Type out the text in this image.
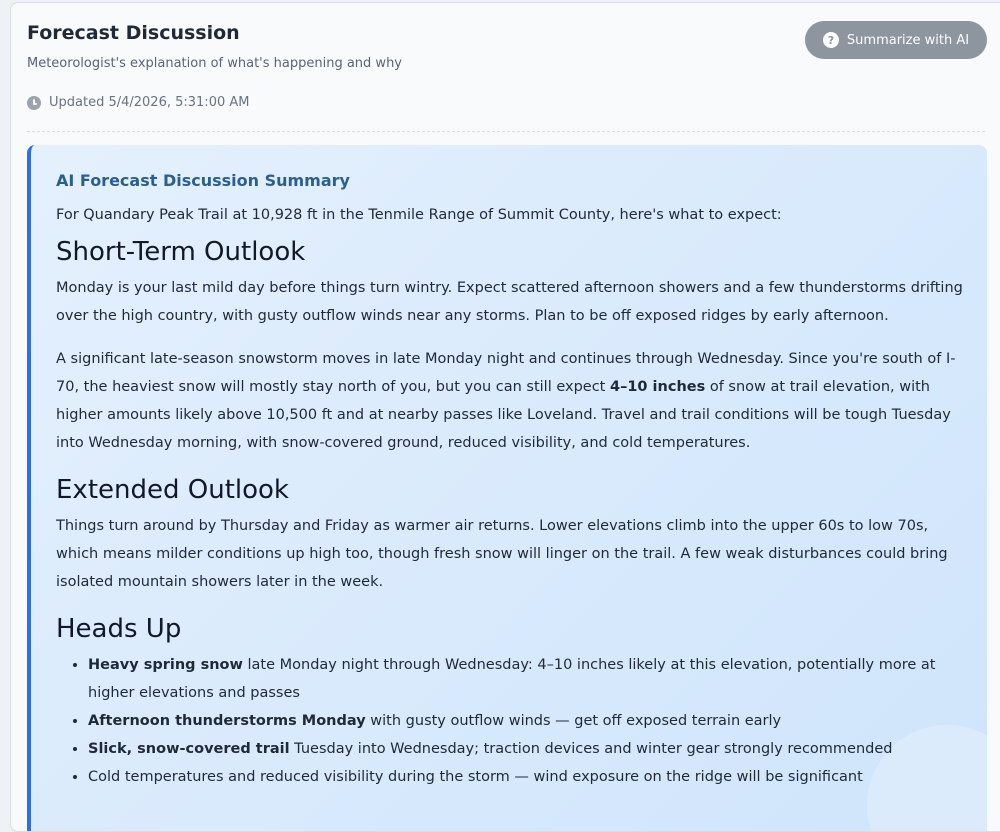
Forecast Discussion
Meteorologist's explanation of what's happening and why
? Summarize with AI
Updated 5/4/2026, 5:31:00 AM
AI Forecast Discussion Summary

For Quandary Peak Trail at 10,928 ft in the Tenmile Range of Summit County, here's what to expect:

Short-Term Outlook

Monday is your last mild day before things turn wintry. Expect scattered afternoon showers and a few thunderstorms drifting over the high country, with gusty outflow winds near any storms. Plan to be off exposed ridges by early afternoon.

A significant late-season snowstorm moves in late Monday night and continues through Wednesday. Since you're south of I-70, the heaviest snow will mostly stay north of you, but you can still expect 4–10 inches of snow at trail elevation, with higher amounts likely above 10,500 ft and at nearby passes like Loveland. Travel and trail conditions will be tough Tuesday into Wednesday morning, with snow-covered ground, reduced visibility, and cold temperatures.

Extended Outlook

Things turn around by Thursday and Friday as warmer air returns. Lower elevations climb into the upper 60s to low 70s, which means milder conditions up high too, though fresh snow will linger on the trail. A few weak disturbances could bring isolated mountain showers later in the week.

Heads Up
• Heavy spring snow late Monday night through Wednesday: 4–10 inches likely at this elevation, potentially more at higher elevations and passes
• Afternoon thunderstorms Monday with gusty outflow winds — get off exposed terrain early
• Slick, snow-covered trail Tuesday into Wednesday; traction devices and winter gear strongly recommended
• Cold temperatures and reduced visibility during the storm — wind exposure on the ridge will be significant
